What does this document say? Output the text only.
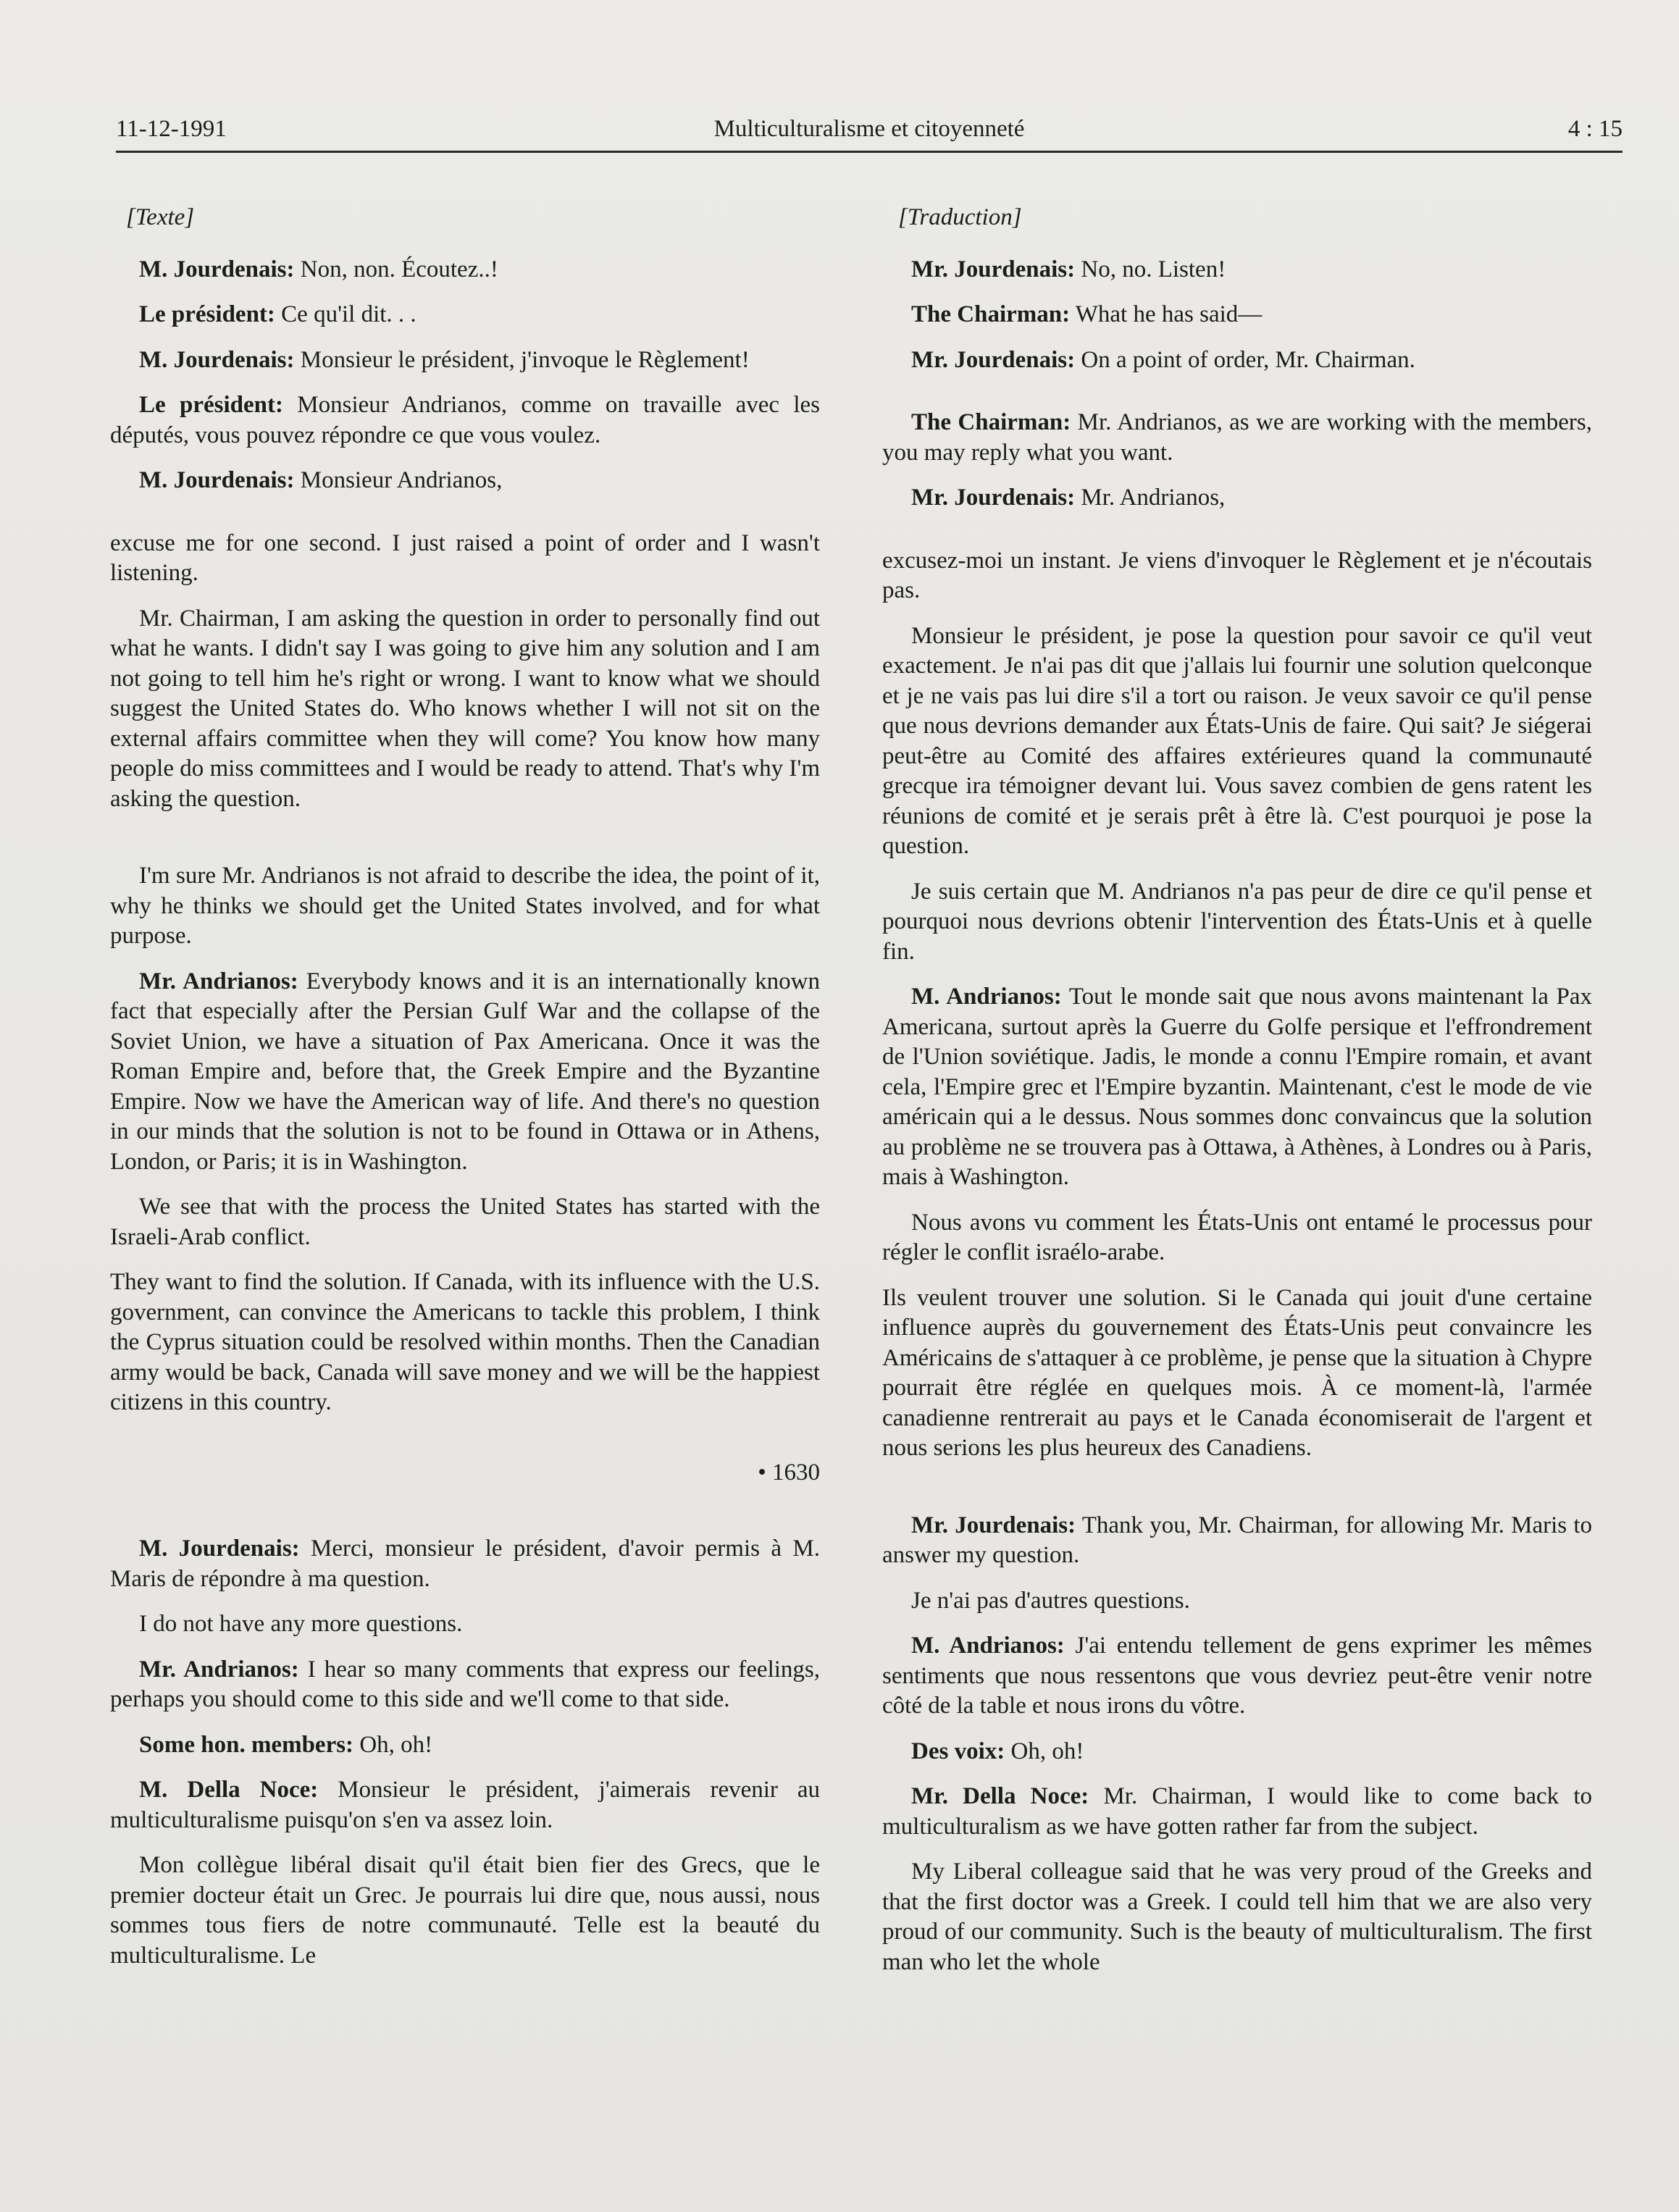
11-12-1991	Multiculturalisme et citoyenneté	4 : 15

[Texte]

M. Jourdenais: Non, non. Écoutez..!

Le président: Ce qu'il dit. . .

M. Jourdenais: Monsieur le président, j'invoque le Règlement!

Le président: Monsieur Andrianos, comme on travaille avec les députés, vous pouvez répondre ce que vous voulez.

M. Jourdenais: Monsieur Andrianos,

excuse me for one second. I just raised a point of order and I wasn't listening.

Mr. Chairman, I am asking the question in order to personally find out what he wants. I didn't say I was going to give him any solution and I am not going to tell him he's right or wrong. I want to know what we should suggest the United States do. Who knows whether I will not sit on the external affairs committee when they will come? You know how many people do miss committees and I would be ready to attend. That's why I'm asking the question.

I'm sure Mr. Andrianos is not afraid to describe the idea, the point of it, why he thinks we should get the United States involved, and for what purpose.

Mr. Andrianos: Everybody knows and it is an internationally known fact that especially after the Persian Gulf War and the collapse of the Soviet Union, we have a situation of Pax Americana. Once it was the Roman Empire and, before that, the Greek Empire and the Byzantine Empire. Now we have the American way of life. And there's no question in our minds that the solution is not to be found in Ottawa or in Athens, London, or Paris; it is in Washington.

We see that with the process the United States has started with the Israeli-Arab conflict.

They want to find the solution. If Canada, with its influence with the U.S. government, can convince the Americans to tackle this problem, I think the Cyprus situation could be resolved within months. Then the Canadian army would be back, Canada will save money and we will be the happiest citizens in this country.

• 1630

M. Jourdenais: Merci, monsieur le président, d'avoir permis à M. Maris de répondre à ma question.

I do not have any more questions.

Mr. Andrianos: I hear so many comments that express our feelings, perhaps you should come to this side and we'll come to that side.

Some hon. members: Oh, oh!

M. Della Noce: Monsieur le président, j'aimerais revenir au multiculturalisme puisqu'on s'en va assez loin.

Mon collègue libéral disait qu'il était bien fier des Grecs, que le premier docteur était un Grec. Je pourrais lui dire que, nous aussi, nous sommes tous fiers de notre communauté. Telle est la beauté du multiculturalisme. Le

[Traduction]

Mr. Jourdenais: No, no. Listen!

The Chairman: What he has said—

Mr. Jourdenais: On a point of order, Mr. Chairman.

The Chairman: Mr. Andrianos, as we are working with the members, you may reply what you want.

Mr. Jourdenais: Mr. Andrianos,

excusez-moi un instant. Je viens d'invoquer le Règlement et je n'écoutais pas.

Monsieur le président, je pose la question pour savoir ce qu'il veut exactement. Je n'ai pas dit que j'allais lui fournir une solution quelconque et je ne vais pas lui dire s'il a tort ou raison. Je veux savoir ce qu'il pense que nous devrions demander aux États-Unis de faire. Qui sait? Je siégerai peut-être au Comité des affaires extérieures quand la communauté grecque ira témoigner devant lui. Vous savez combien de gens ratent les réunions de comité et je serais prêt à être là. C'est pourquoi je pose la question.

Je suis certain que M. Andrianos n'a pas peur de dire ce qu'il pense et pourquoi nous devrions obtenir l'intervention des États-Unis et à quelle fin.

M. Andrianos: Tout le monde sait que nous avons maintenant la Pax Americana, surtout après la Guerre du Golfe persique et l'effrondrement de l'Union soviétique. Jadis, le monde a connu l'Empire romain, et avant cela, l'Empire grec et l'Empire byzantin. Maintenant, c'est le mode de vie américain qui a le dessus. Nous sommes donc convaincus que la solution au problème ne se trouvera pas à Ottawa, à Athènes, à Londres ou à Paris, mais à Washington.

Nous avons vu comment les États-Unis ont entamé le processus pour régler le conflit israélo-arabe.

Ils veulent trouver une solution. Si le Canada qui jouit d'une certaine influence auprès du gouvernement des États-Unis peut convaincre les Américains de s'attaquer à ce problème, je pense que la situation à Chypre pourrait être réglée en quelques mois. À ce moment-là, l'armée canadienne rentrerait au pays et le Canada économiserait de l'argent et nous serions les plus heureux des Canadiens.

Mr. Jourdenais: Thank you, Mr. Chairman, for allowing Mr. Maris to answer my question.

Je n'ai pas d'autres questions.

M. Andrianos: J'ai entendu tellement de gens exprimer les mêmes sentiments que nous ressentons que vous devriez peut-être venir notre côté de la table et nous irons du vôtre.

Des voix: Oh, oh!

Mr. Della Noce: Mr. Chairman, I would like to come back to multiculturalism as we have gotten rather far from the subject.

My Liberal colleague said that he was very proud of the Greeks and that the first doctor was a Greek. I could tell him that we are also very proud of our community. Such is the beauty of multiculturalism. The first man who let the whole
